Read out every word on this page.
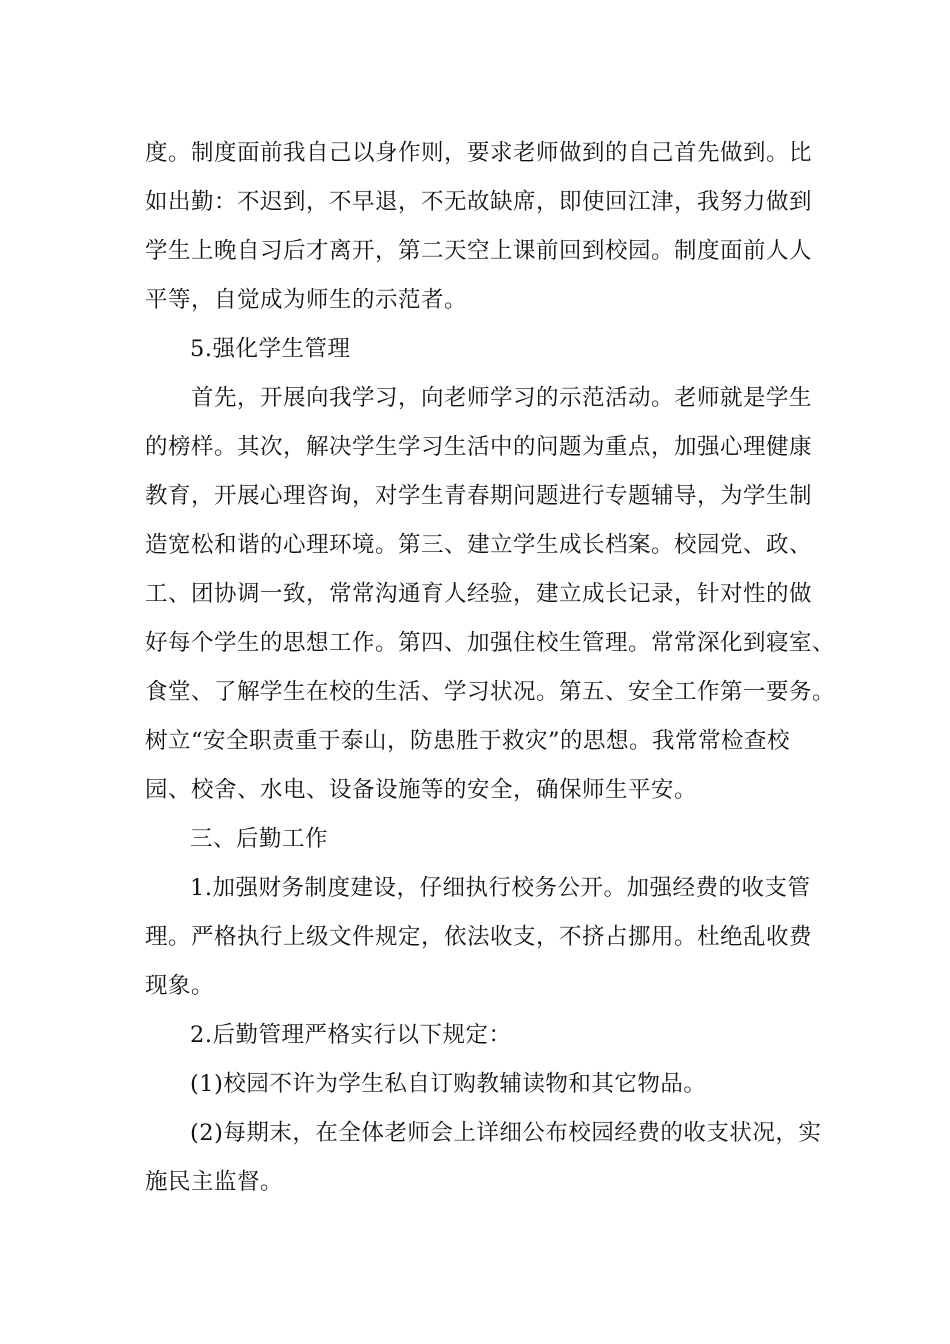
度。制度面前我自己以身作则，要求老师做到的自己首先做到。比
如出勤：不迟到，不早退，不无故缺席，即使回江津，我努力做到
学生上晚自习后才离开，第二天空上课前回到校园。制度面前人人
平等，自觉成为师生的示范者。
5.强化学生管理
首先，开展向我学习，向老师学习的示范活动。老师就是学生
的榜样。其次，解决学生学习生活中的问题为重点，加强心理健康
教育，开展心理咨询，对学生青春期问题进行专题辅导，为学生制
造宽松和谐的心理环境。第三、建立学生成长档案。校园党、政、
工、团协调一致，常常沟通育人经验，建立成长记录，针对性的做
好每个学生的思想工作。第四、加强住校生管理。常常深化到寝室、
食堂、了解学生在校的生活、学习状况。第五、安全工作第一要务。
树立“安全职责重于泰山，防患胜于救灾”的思想。我常常检查校
园、校舍、水电、设备设施等的安全，确保师生平安。
三、后勤工作
1.加强财务制度建设，仔细执行校务公开。加强经费的收支管
理。严格执行上级文件规定，依法收支，不挤占挪用。杜绝乱收费
现象。
2.后勤管理严格实行以下规定：
(1)校园不许为学生私自订购教辅读物和其它物品。
(2)每期末，在全体老师会上详细公布校园经费的收支状况，实
施民主监督。
